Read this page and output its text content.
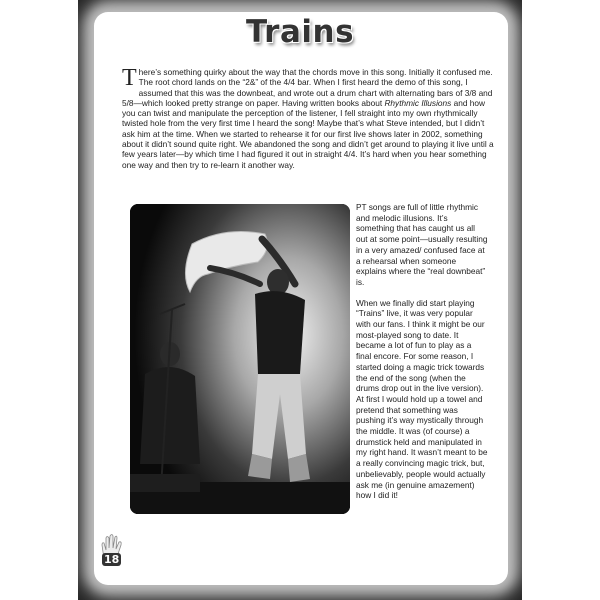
Trains

There’s something quirky about the way that the chords move in this song. Initially it confused me. The root chord lands on the “2&” of the 4/4 bar. When I first heard the demo of this song, I assumed that this was the downbeat, and wrote out a drum chart with alternating bars of 3/8 and 5/8—which looked pretty strange on paper. Having written books about Rhythmic Illusions and how you can twist and manipulate the perception of the listener, I fell straight into my own rhythmically twisted hole from the very first time I heard the song! Maybe that’s what Steve intended, but I didn’t ask him at the time. When we started to rehearse it for our first live shows later in 2002, something about it didn’t sound quite right. We abandoned the song and didn’t get around to playing it live until a few years later—by which time I had figured it out in straight 4/4. It’s hard when you hear something one way and then try to re-learn it another way.

PT songs are full of little rhythmic and melodic illusions. It’s something that has caught us all out at some point—usually resulting in a very amazed/ confused face at a rehearsal when someone explains where the “real downbeat” is.

When we finally did start playing “Trains” live, it was very popular with our fans. I think it might be our most-played song to date. It became a lot of fun to play as a final encore. For some reason, I started doing a magic trick towards the end of the song (when the drums drop out in the live version). At first I would hold up a towel and pretend that something was pushing it’s way mystically through the middle. It was (of course) a drumstick held and manipulated in my right hand. It wasn’t meant to be a really convincing magic trick, but, unbelievably, people would actually ask me (in genuine amazement) how I did it!

18
